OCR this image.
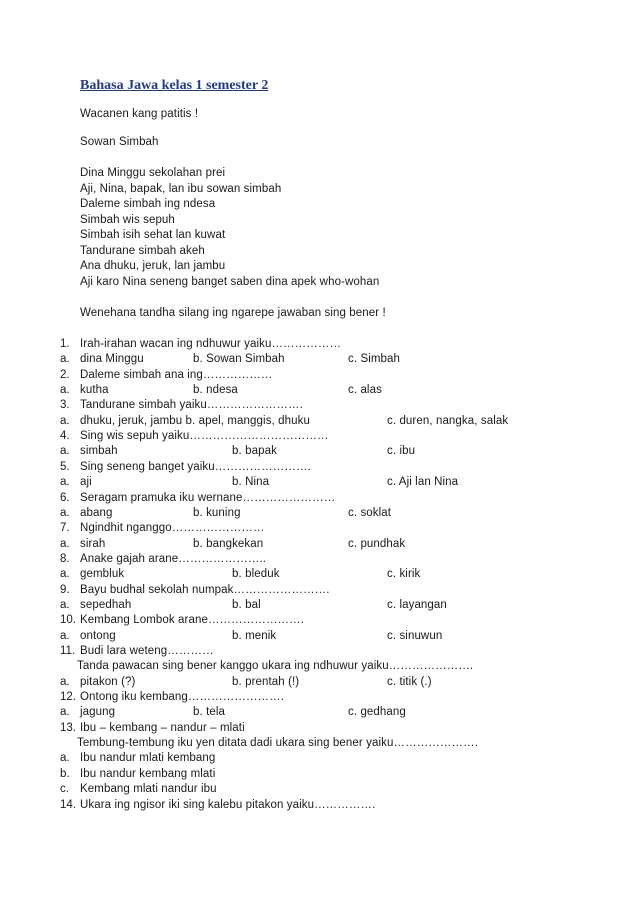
Bahasa Jawa kelas 1 semester 2
Wacanen kang patitis !
Sowan Simbah
Dina Minggu sekolahan prei
Aji, Nina, bapak, lan ibu sowan simbah
Daleme simbah ing ndesa
Simbah wis sepuh
Simbah isih sehat lan kuwat
Tandurane simbah akeh
Ana dhuku, jeruk, lan jambu
Aji karo Nina seneng banget saben dina apek who-wohan
Wenehana tandha silang ing ngarepe jawaban sing bener !
1. Irah-irahan wacan ing ndhuwur yaiku………………
a. dina Minggu	b. Sowan Simbah	c. Simbah
2. Daleme simbah ana ing………………
a. kutha	b. ndesa	c. alas
3. Tandurane simbah yaiku…………………….
a. dhuku, jeruk, jambu b. apel, manggis, dhuku	c. duren, nangka, salak
4. Sing wis sepuh yaiku………………………………
a. simbah	b. bapak	c. ibu
5. Sing seneng banget yaiku…………………….
a. aji	b. Nina	c. Aji lan Nina
6. Seragam pramuka iku wernane……………………
a. abang	b. kuning	c. soklat
7. Ngindhit nganggo……………………
a. sirah	b. bangkekan	c. pundhak
8. Anake gajah arane…………………..
a. gembluk	b. bleduk	c. kirik
9. Bayu budhal sekolah numpak…………………….
a. sepedhah	b. bal	c. layangan
10. Kembang Lombok arane…………………….
a. ontong	b. menik	c. sinuwun
11. Budi lara weteng…………
Tanda pawacan sing bener kanggo ukara ing ndhuwur yaiku………………….
a. pitakon (?)	b. prentah (!)	c. titik (.)
12. Ontong iku kembang…………………….
a. jagung	b. tela	c. gedhang
13. Ibu – kembang – nandur – mlati
Tembung-tembung iku yen ditata dadi ukara sing bener yaiku………………….
a. Ibu nandur mlati kembang
b. Ibu nandur kembang mlati
c. Kembang mlati nandur ibu
14. Ukara ing ngisor iki sing kalebu pitakon yaiku…………….
